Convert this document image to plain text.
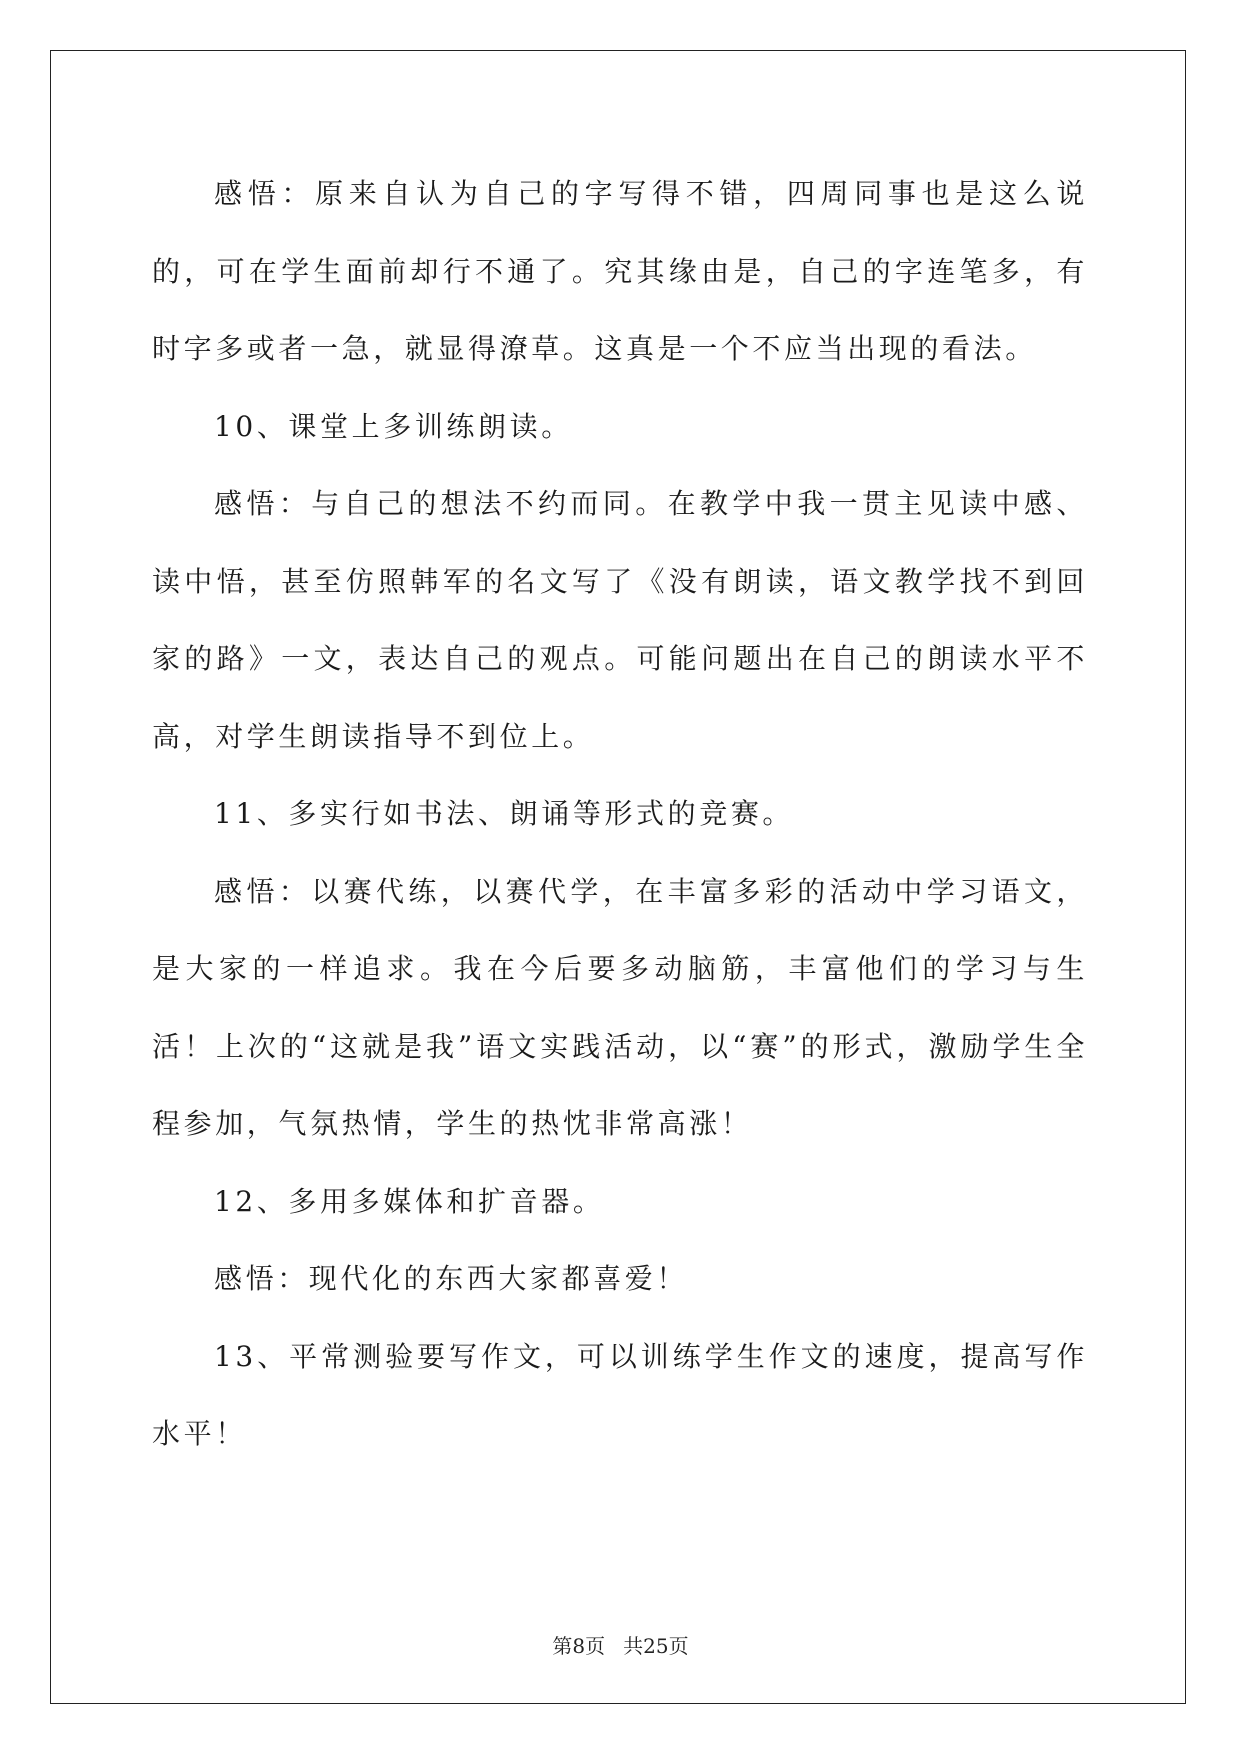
感悟：原来自认为自己的字写得不错，四周同事也是这么说的，可在学生面前却行不通了。究其缘由是，自己的字连笔多，有时字多或者一急，就显得潦草。这真是一个不应当出现的看法。

10、课堂上多训练朗读。

感悟：与自己的想法不约而同。在教学中我一贯主见读中感、读中悟，甚至仿照韩军的名文写了《没有朗读，语文教学找不到回家的路》一文，表达自己的观点。可能问题出在自己的朗读水平不高，对学生朗读指导不到位上。

11、多实行如书法、朗诵等形式的竞赛。

感悟：以赛代练，以赛代学，在丰富多彩的活动中学习语文，是大家的一样追求。我在今后要多动脑筋，丰富他们的学习与生活！上次的“这就是我”语文实践活动，以“赛”的形式，激励学生全程参加，气氛热情，学生的热忱非常高涨！

12、多用多媒体和扩音器。

感悟：现代化的东西大家都喜爱！

13、平常测验要写作文，可以训练学生作文的速度，提高写作水平！

第8页 共25页
